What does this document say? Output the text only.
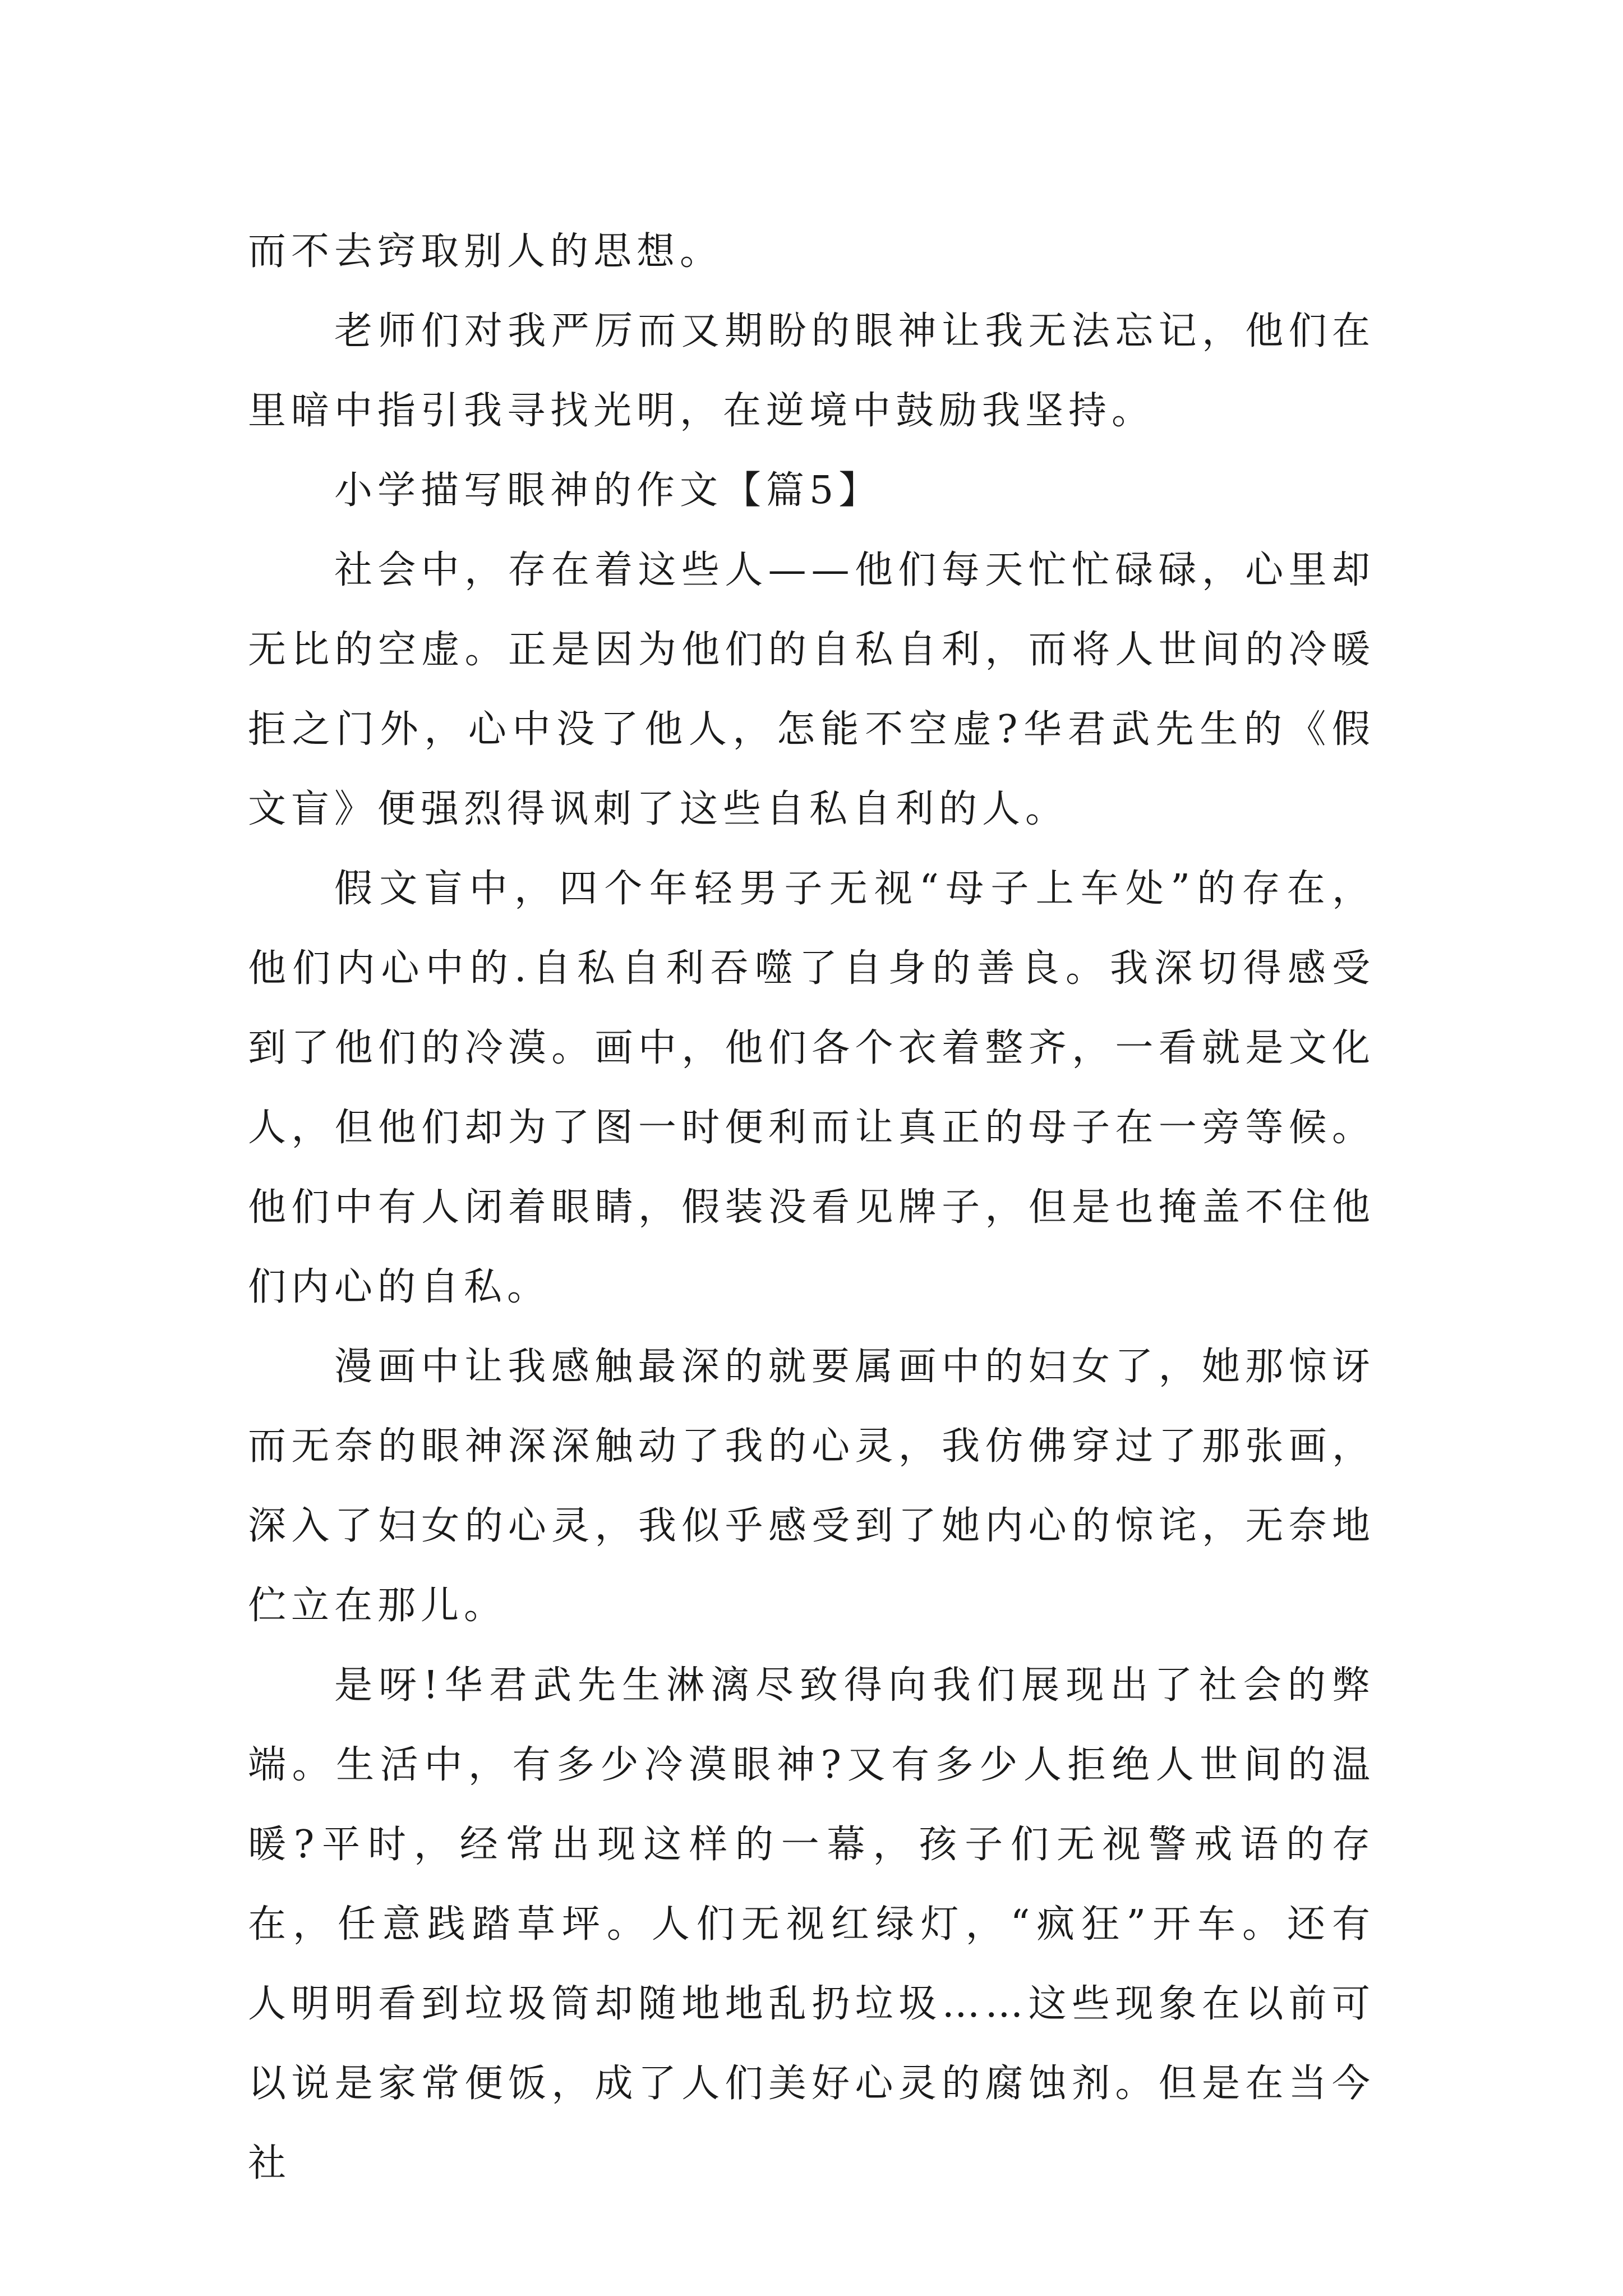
而不去窍取别人的思想。

老师们对我严厉而又期盼的眼神让我无法忘记，他们在里暗中指引我寻找光明，在逆境中鼓励我坚持。

小学描写眼神的作文【篇5】

社会中，存在着这些人——他们每天忙忙碌碌，心里却无比的空虚。正是因为他们的自私自利，而将人世间的冷暖拒之门外，心中没了他人，怎能不空虚?华君武先生的《假文盲》便强烈得讽刺了这些自私自利的人。

假文盲中，四个年轻男子无视“母子上车处”的存在，他们内心中的.自私自利吞噬了自身的善良。我深切得感受到了他们的冷漠。画中，他们各个衣着整齐，一看就是文化人，但他们却为了图一时便利而让真正的母子在一旁等候。他们中有人闭着眼睛，假装没看见牌子，但是也掩盖不住他们内心的自私。

漫画中让我感触最深的就要属画中的妇女了，她那惊讶而无奈的眼神深深触动了我的心灵，我仿佛穿过了那张画，深入了妇女的心灵，我似乎感受到了她内心的惊诧，无奈地伫立在那儿。

是呀!华君武先生淋漓尽致得向我们展现出了社会的弊端。生活中，有多少冷漠眼神?又有多少人拒绝人世间的温暖?平时，经常出现这样的一幕，孩子们无视警戒语的存在，任意践踏草坪。人们无视红绿灯，“疯狂”开车。还有人明明看到垃圾筒却随地地乱扔垃圾……这些现象在以前可以说是家常便饭，成了人们美好心灵的腐蚀剂。但是在当今社
